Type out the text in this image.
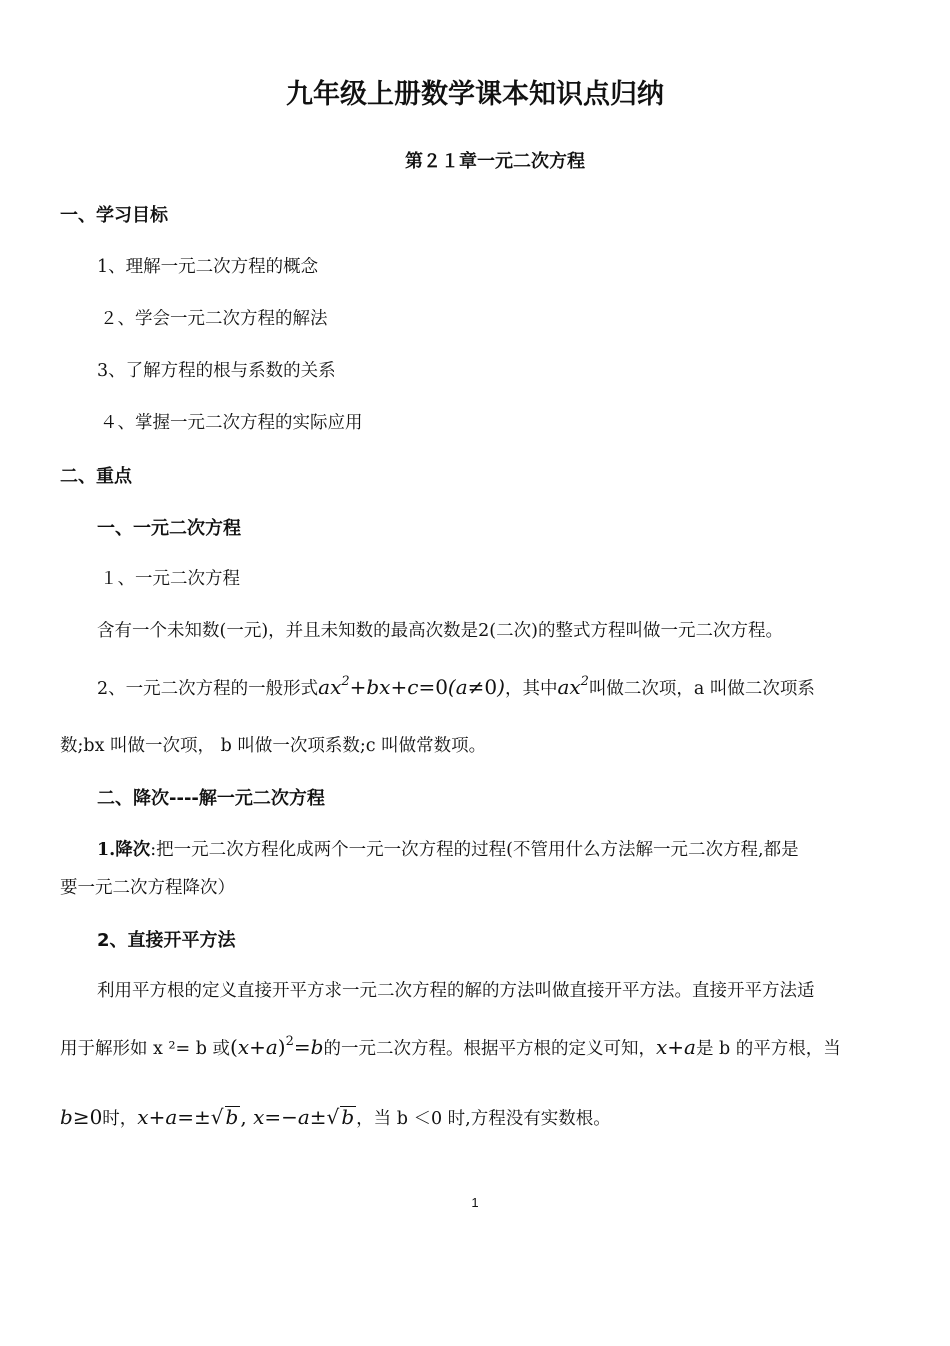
九年级上册数学课本知识点归纳
第２１章一元二次方程
一、学习目标
1、理解一元二次方程的概念
２、学会一元二次方程的解法
3、了解方程的根与系数的关系
４、掌握一元二次方程的实际应用
二、重点
一、一元二次方程
１、一元二次方程
含有一个未知数(一元)，并且未知数的最高次数是2(二次)的整式方程叫做一元二次方程。
2、一元二次方程的一般形式$ax^2+bx+c=0(a\ne 0)$，其中$ax^2$叫做二次项，a 叫做二次项系
数;bx 叫做一次项， b 叫做一次项系数;c 叫做常数项。
二、降次----解一元二次方程
1.降次:把一元二次方程化成两个一元一次方程的过程(不管用什么方法解一元二次方程,都是
要一元二次方程降次）
2、直接开平方法
利用平方根的定义直接开平方求一元二次方程的解的方法叫做直接开平方法。直接开平方法适
用于解形如 x ²= b 或$(x+a)^2=b$的一元二次方程。根据平方根的定义可知，x+a是 b 的平方根，当
b≥0时，x+a=±√ b , x=−a±√ b ，当 b ＜0 时,方程没有实数根。
1
